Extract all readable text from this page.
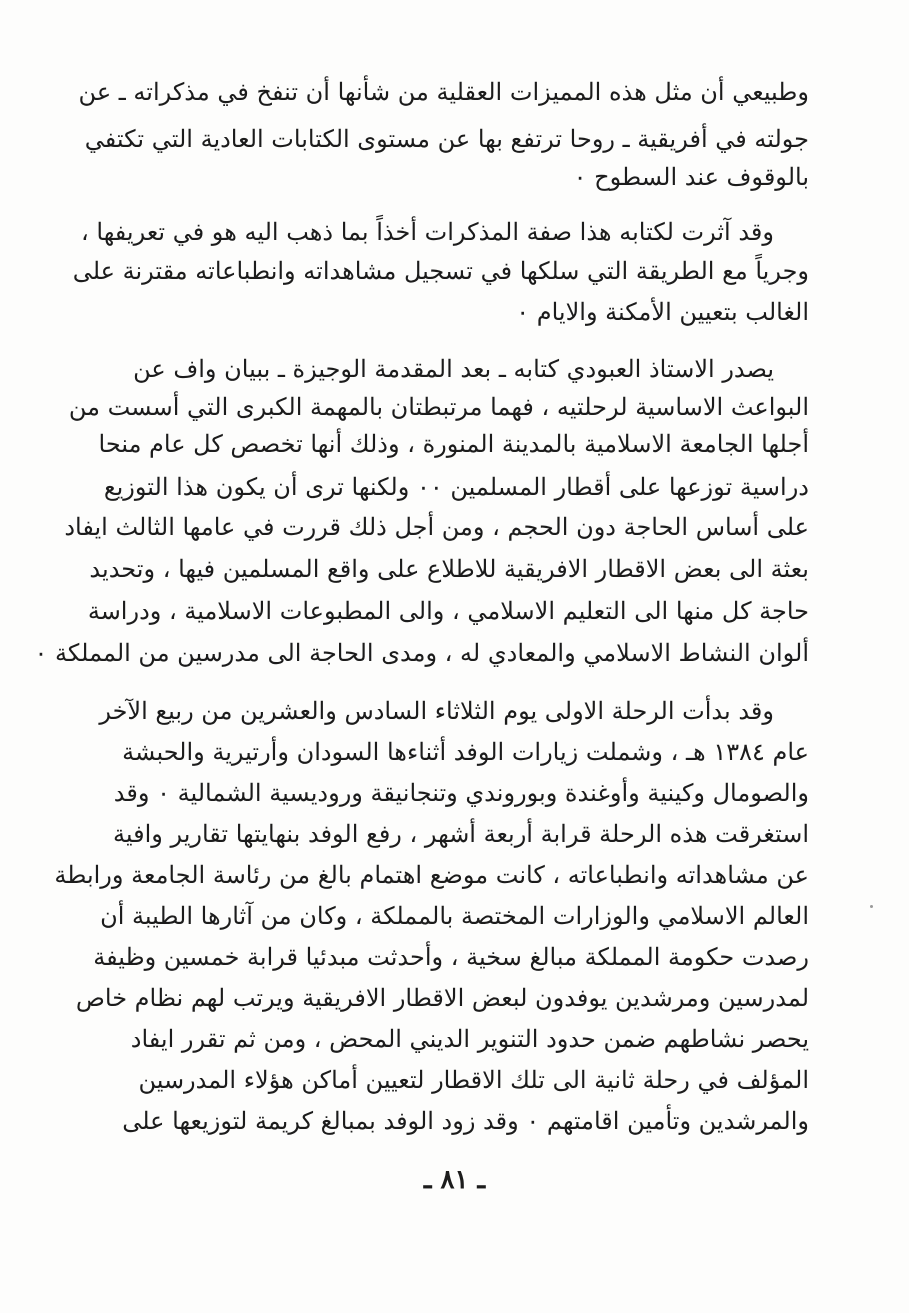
وطبيعي أن مثل هذه المميزات العقلية من شأنها أن تنفخ في مذكراته ـ عن
جولته في أفريقية ـ روحا ترتفع بها عن مستوى الكتابات العادية التي تكتفي
بالوقوف عند السطوح ٠
وقد آثرت لكتابه هذا صفة المذكرات أخذاً بما ذهب اليه هو في تعريفها ،
وجرياً مع الطريقة التي سلكها في تسجيل مشاهداته وانطباعاته مقترنة على
الغالب بتعيين الأمكنة والايام ٠
يصدر الاستاذ العبودي كتابه ـ بعد المقدمة الوجيزة ـ ببيان واف عن
البواعث الاساسية لرحلتيه ، فهما مرتبطتان بالمهمة الكبرى التي أسست من
أجلها الجامعة الاسلامية بالمدينة المنورة ، وذلك أنها تخصص كل عام منحا
دراسية توزعها على أقطار المسلمين ٠٠ ولكنها ترى أن يكون هذا التوزيع
على أساس الحاجة دون الحجم ، ومن أجل ذلك قررت في عامها الثالث ايفاد
بعثة الى بعض الاقطار الافريقية للاطلاع على واقع المسلمين فيها ، وتحديد
حاجة كل منها الى التعليم الاسلامي ، والى المطبوعات الاسلامية ، ودراسة
ألوان النشاط الاسلامي والمعادي له ، ومدى الحاجة الى مدرسين من المملكة ٠
وقد بدأت الرحلة الاولى يوم الثلاثاء السادس والعشرين من ربيع الآخر
عام ١٣٨٤ هـ ، وشملت زيارات الوفد أثناءها السودان وأرتيرية والحبشة
والصومال وكينية وأوغندة وبوروندي وتنجانيقة وروديسية الشمالية ٠ وقد
استغرقت هذه الرحلة قرابة أربعة أشهر ، رفع الوفد بنهايتها تقارير وافية
عن مشاهداته وانطباعاته ، كانت موضع اهتمام بالغ من رئاسة الجامعة ورابطة
العالم الاسلامي والوزارات المختصة بالمملكة ، وكان من آثارها الطيبة أن
رصدت حكومة المملكة مبالغ سخية ، وأحدثت مبدئيا قرابة خمسين وظيفة
لمدرسين ومرشدين يوفدون لبعض الاقطار الافريقية ويرتب لهم نظام خاص
يحصر نشاطهم ضمن حدود التنوير الديني المحض ، ومن ثم تقرر ايفاد
المؤلف في رحلة ثانية الى تلك الاقطار لتعيين أماكن هؤلاء المدرسين
والمرشدين وتأمين اقامتهم ٠ وقد زود الوفد بمبالغ كريمة لتوزيعها على
ـ ٨١ ـ
